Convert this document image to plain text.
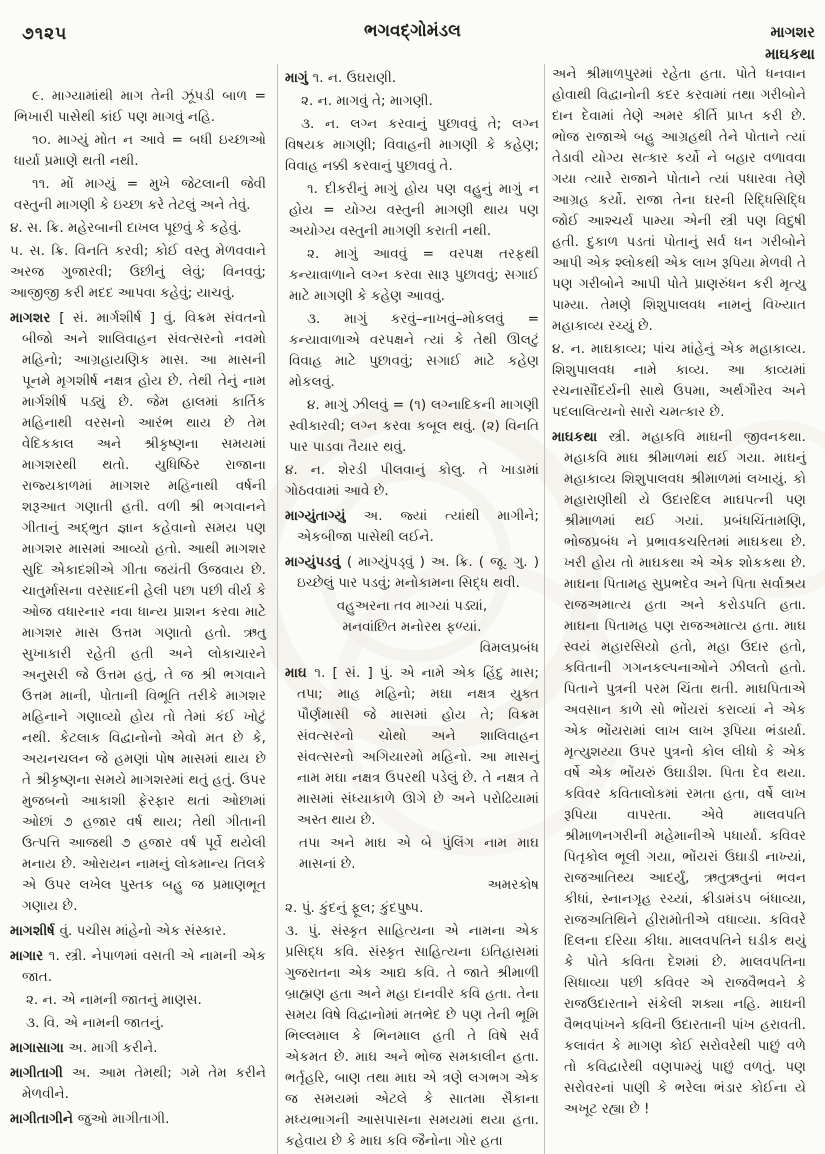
૭૧૨૫	ભગવદ્ગોમંડલ	માગશર
માઘકથા

૯. માગ્યામાંથી માગ તેની ઝૂંપડી બાળ = ભિખારી પાસેથી કાંઈ પણ માગવું નહિ.

૧૦. માગ્યું મોત ન આવે = બધી ઇચ્છાઓ ધાર્યા પ્રમાણે થતી નથી.

૧૧. મોં માગ્યું = મુખે જેટલાની જેવી વસ્તુની માગણી કે ઇચ્છા કરે તેટલું અને તેવું.

૪. સ. ક્રિ. મહેરબાની દાખલ પૂછવું કે કહેવું.

૫. સ. ક્રિ. વિનતિ કરવી; કોઈ વસ્તુ મેળવવાને અરજ ગુજારવી; ઉછીનું લેવું; વિનવવું; આજીજી કરી મદદ આપવા કહેવું; યાચવું.

માગશર [ સં. માર્ગશીર્ષ ] વું. વિક્રમ સંવતનો બીજો અને શાલિવાહન સંવત્સરનો નવમો મહિનો; આગ્રહાયણિક માસ. આ માસની પૂનમે મૃગશીર્ષ નક્ષત્ર હોય છે. તેથી તેનું નામ માર્ગશીર્ષ પડ્યું છે. જેમ હાલમાં કાર્તિક મહિનાથી વરસનો આરંભ થાય છે તેમ વેદિકકાલ અને શ્રીકૃષ્ણના સમયમાં માગશરથી થતો. યુધિષ્ઠિર રાજાના રાજ્યકાળમાં માગશર મહિનાથી વર્ષની શરૂઆત ગણાતી હતી. વળી શ્રી ભગવાનને ગીતાનું અદ્ભુત જ્ઞાન કહેવાનો સમય પણ માગશર માસમાં આવ્યો હતો. આથી માગશર સુદિ એકાદશીએ ગીતા જયંતી ઉજવાય છે. ચાતુર્માસના વરસાદની હેલી પછા પછી વીર્ય કે ઓજ વધારનાર નવા ધાન્ય પ્રાશન કરવા માટે માગશર માસ ઉત્તમ ગણાતો હતો. ઋતુ સુખાકારી રહેતી હતી અને લોકાચારને અનુસરી જે ઉત્તમ હતું, તે જ શ્રી ભગવાને ઉત્તમ માની, પોતાની વિભૂતિ તરીકે માગશર મહિનાને ગણાવ્યો હોય તો તેમાં કંઈ ખોટું નથી. કેટલાક વિદ્વાનોનો એવો મત છે કે, અયનચલન જે હમણાં પોષ માસમાં થાય છે તે શ્રીકૃષ્ણના સમયે માગશરમાં થતું હતું. ઉપર મુજબનો આકાશી ફેરફાર થતાં ઓછામાં ઓછાં ૭ હજાર વર્ષ થાય; તેથી ગીતાની ઉત્પત્તિ આજથી ૭ હજાર વર્ષ પૂર્વે થયેલી મનાય છે. ઓરાયન નામનું લોકમાન્ય તિલકે એ ઉપર લખેલ પુસ્તક બહુ જ પ્રમાણભૂત ગણાય છે.

માગશીર્ષ વું. પચીસ માંહેનો એક સંસ્કાર.

માગાર ૧. સ્ત્રી. નેપાળમાં વસતી એ નામની એક જાત.

૨. ન. એ નામની જાતનું માણસ.

૩. વિ. એ નામની જાતનું.

માગાસાગા અ. માગી કરીને.

માગીતાગી અ. આમ તેમથી; ગમે તેમ કરીને મેળવીને.

માગીતાગીને જુઓ માગીતાગી.

માગું ૧. ન. ઉઘરાણી.

૨. ન. માગવું તે; માગણી.

૩. ન. લગ્ન કરવાનું પુછાવવું તે; લગ્ન વિષયક માગણી; વિવાહની માગણી કે કહેણ; વિવાહ નક્કી કરવાનું પુછાવવું તે.

૧. દીકરીનું માગું હોય પણ વહુનું માગું ન હોય = યોગ્ય વસ્તુની માગણી થાય પણ અયોગ્ય વસ્તુની માગણી કરાતી નથી.

૨. માગું આવવું = વરપક્ષ તરફથી કન્યાવાળાને લગ્ન કરવા સારૂ પુછાવવું; સગાઈ માટે માગણી કે કહેણ આવવું.

૩. માગું કરવું–નાખવું–મોકલવું = કન્યાવાળાએ વરપક્ષને ત્યાં કે તેથી ઊલટું વિવાહ માટે પુછાવવું; સગાઈ માટે કહેણ મોકલવું.

૪. માગું ઝીલવું = (૧) લગ્નાદિકની માગણી સ્વીકારવી; લગ્ન કરવા કબૂલ થવું. (૨) વિનતિ પાર પાડવા તૈયાર થવું.

૪. ન. શેરડી પીલવાનું કોલુ. તે ખાડામાં ગોઠવવામાં આવે છે.

માગ્યુંતાગ્યું અ. જ્યાં ત્યાંથી માગીને; એકબીજા પાસેથી લઈને.

માગ્યુંપડવું ( માગ્યુંપડ્વું ) અ. ક્રિ. ( જૂ. ગુ. ) ઇચ્છેલું પાર પડવું; મનોકામના સિદ્ધ થવી.

વહુઅરના તવ માગ્યાં પડ્યાં,
મનવાંછિત મનોરથ ફળ્યાં.
વિમલપ્રબંધ

માઘ ૧. [ સં. ] પું. એ નામે એક હિંદુ માસ; તપા; માહ મહિનો; મઘા નક્ષત્ર યુક્ત પૌર્ણમાસી જે માસમાં હોય તે; વિક્રમ સંવત્સરનો ચોથો અને શાલિવાહન સંવત્સરનો અગિયારમો મહિનો. આ માસનું નામ મઘા નક્ષત્ર ઉપરથી પડેલું છે. તે નક્ષત્ર તે માસમાં સંધ્યાકાળે ઊગે છે અને પરોઢિયામાં અસ્ત થાય છે.

તપા અને માઘ એ બે પુંલિંગ નામ માઘ માસનાં છે.
અમરકોષ

૨. પું. કુંદનું ફૂલ; કુંદપુષ્પ.

૩. પું. સંસ્કૃત સાહિત્યના એ નામના એક પ્રસિદ્ધ કવિ. સંસ્કૃત સાહિત્યના ઇતિહાસમાં ગુજરાતના એક આદ્ય કવિ. તે જાતે શ્રીમાળી બ્રાહ્મણ હતા અને મહા દાનવીર કવિ હતા. તેના સમય વિષે વિદ્વાનોમાં મતભેદ છે પણ તેની ભૂમિ ભિલ્લમાલ કે ભિનમાલ હતી તે વિષે સર્વ એકમત છે. માઘ અને ભોજ સમકાલીન હતા. ભર્તૃહરિ, બાણ તથા માઘ એ ત્રણે લગભગ એક જ સમયમાં એટલે કે સાતમા સૈકાના મધ્યભાગની આસપાસના સમયમાં થયા હતા. કહેવાય છે કે માઘ કવિ જૈનોના ગોર હતા

અને શ્રીમાળપુરમાં રહેતા હતા. પોતે ધનવાન હોવાથી વિદ્વાનોની કદર કરવામાં તથા ગરીબોને દાન દેવામાં તેણે અમર કીર્તિ પ્રાપ્ત કરી છે. ભોજ રાજાએ બહુ આગ્રહથી તેને પોતાને ત્યાં તેડાવી યોગ્ય સત્કાર કર્યો ને બહાર વળાવવા ગયા ત્યારે રાજાને પોતાને ત્યાં પધારવા તેણે આગ્રહ કર્યો. રાજા તેના ઘરની રિદ્ધિસિદ્ધિ જોઈ આશ્ચર્ય પામ્યા એની સ્ત્રી પણ વિદુષી હતી. દુકાળ પડતાં પોતાનું સર્વ ધન ગરીબોને આપી એક શ્લોકથી એક લાખ રૂપિયા મેળવી તે પણ ગરીબોને આપી પોતે પ્રાણરુંધન કરી મૃત્યુ પામ્યા. તેમણે શિશુપાલવધ નામનું વિખ્યાત મહાકાવ્ય રચ્યું છે.

૪. ન. માઘકાવ્ય; પાંચ માંહેનું એક મહાકાવ્ય. શિશુપાલવધ નામે કાવ્ય. આ કાવ્યમાં રચનાસૌંદર્યની સાથે ઉપમા, અર્થગૌરવ અને પદલાલિત્યનો સારો ચમત્કાર છે.

માઘકથા સ્ત્રી. મહાકવિ માઘની જીવનકથા. મહાકવિ માઘ શ્રીમાળમાં થઈ ગયા. માઘનું મહાકાવ્ય શિશુપાલવધ શ્રીમાળમાં લખાયું. કો મહારાણીથી યે ઉદારદિલ માઘપત્ની પણ શ્રીમાળમાં થઈ ગયાં. પ્રબંધચિંતામણિ, ભોજપ્રબંધ ને પ્રભાવકચરિતમાં માઘકથા છે. ખરી હોય તો માઘકથા એ એક શોકકથા છે. માઘના પિતામહ સુપ્રભદેવ અને પિતા સર્વાશ્રય રાજઅમાત્ય હતા અને કરોડપતિ હતા. માઘના પિતામહ પણ રાજઅમાત્ય હતા. માઘ સ્વયં મહારસિયો હતો, મહા ઉદાર હતો, કવિતાની ગગનકલ્પનાઓને ઝીલતો હતો. પિતાને પુત્રની પરમ ચિંતા થતી. માઘપિતાએ અવસાન કાળે સો ભોંયરાં કરાવ્યાં ને એક એક ભોંયરામાં લાખ લાખ રૂપિયા ભંડાર્યા. મૃત્યુશય્યા ઉપર પુત્રનો કોલ લીધો કે એક વર્ષે એક ભોંયરું ઉઘાડીશ. પિતા દેવ થયા. કવિવર કવિતાલોકમાં રમતા હતા, વર્ષે લાખ રૂપિયા વાપરતા. એવે માલવપતિ શ્રીમાળનગરીની મહેમાનીએ પધાર્યા. કવિવર પિતૃકોલ ભૂલી ગયા, ભોંયરાં ઉઘાડી નાખ્યાં, રાજઆતિથ્ય આદર્યું, ઋતુઋતુનાં ભવન કીધાં, સ્નાનગૃહ રચ્યાં, ક્રીડામંડપ બંધાવ્યા, રાજઅતિથિને હીરામોતીએ વધાવ્યા. કવિવરે દિલના દરિયા કીધા. માલવપતિને ઘડીક થયું કે પોતે કવિતા દેશમાં છે. માલવપતિના સિધાવ્યા પછી કવિવર એ રાજવૈભવને કે રાજઉદારતાને સંકેલી શક્યા નહિ. માઘની વૈભવપાંખને કવિની ઉદારતાની પાંખ હરાવતી. કલાવંત કે માગણ કોઈ સરોવરેથી પાછું વળે તો કવિદ્વારેથી વણપામ્યું પાછું વળતું. પણ સરોવરનાં પાણી કે ભરેલા ભંડાર કોઈના યે અખૂટ રહ્યા છે !
